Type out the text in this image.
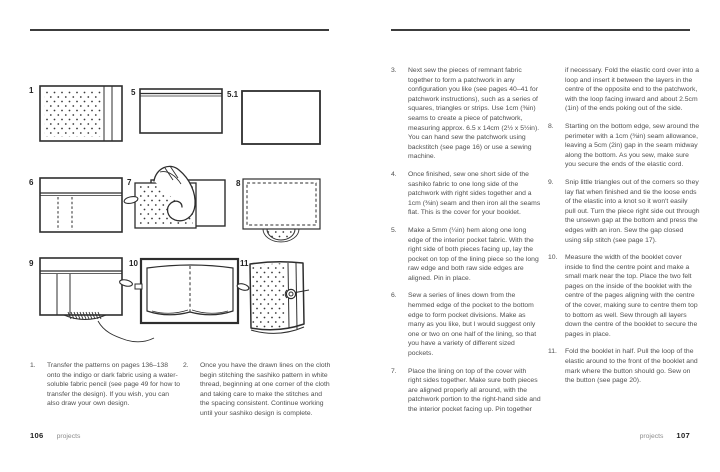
1	5	5.1
6	7	8
9	10	11
1.	Transfer the patterns on pages 136–138 onto the indigo or dark fabric using a water-soluble fabric pencil (see page 49 for how to transfer the design). If you wish, you can also draw your own design.

2.	Once you have the drawn lines on the cloth begin stitching the sashiko pattern in white thread, beginning at one corner of the cloth and taking care to make the stitches and the spacing consistent. Continue working until your sashiko design is complete.

106 projects
3.	Next sew the pieces of remnant fabric together to form a patchwork in any configuration you like (see pages 40–41 for patchwork instructions), such as a series of squares, triangles or strips. Use 1cm (⅜in) seams to create a piece of patchwork, measuring approx. 6.5 x 14cm (2½ x 5½in). You can hand sew the patchwork using backstitch (see page 16) or use a sewing machine.

4.	Once finished, sew one short side of the sashiko fabric to one long side of the patchwork with right sides together and a 1cm (⅜in) seam and then iron all the seams flat. This is the cover for your booklet.

5.	Make a 5mm (¼in) hem along one long edge of the interior pocket fabric. With the right side of both pieces facing up, lay the pocket on top of the lining piece so the long raw edge and both raw side edges are aligned. Pin in place.

6.	Sew a series of lines down from the hemmed edge of the pocket to the bottom edge to form pocket divisions. Make as many as you like, but I would suggest only one or two on one half of the lining, so that you have a variety of different sized pockets.

7.	Place the lining on top of the cover with right sides together. Make sure both pieces are aligned properly all around, with the patchwork portion to the right-hand side and the interior pocket facing up. Pin together

if necessary. Fold the elastic cord over into a loop and insert it between the layers in the centre of the opposite end to the patchwork, with the loop facing inward and about 2.5cm (1in) of the ends poking out of the side.

8.	Starting on the bottom edge, sew around the perimeter with a 1cm (⅜in) seam allowance, leaving a 5cm (2in) gap in the seam midway along the bottom. As you sew, make sure you secure the ends of the elastic cord.

9.	Snip little triangles out of the corners so they lay flat when finished and tie the loose ends of the elastic into a knot so it won't easily pull out. Turn the piece right side out through the unsewn gap at the bottom and press the edges with an iron. Sew the gap closed using slip stitch (see page 17).

10.	Measure the width of the booklet cover inside to find the centre point and make a small mark near the top. Place the two felt pages on the inside of the booklet with the centre of the pages aligning with the centre of the cover, making sure to centre them top to bottom as well. Sew through all layers down the centre of the booklet to secure the pages in place.

11.	Fold the booklet in half. Pull the loop of the elastic around to the front of the booklet and mark where the button should go. Sew on the button (see page 20).

projects 107
